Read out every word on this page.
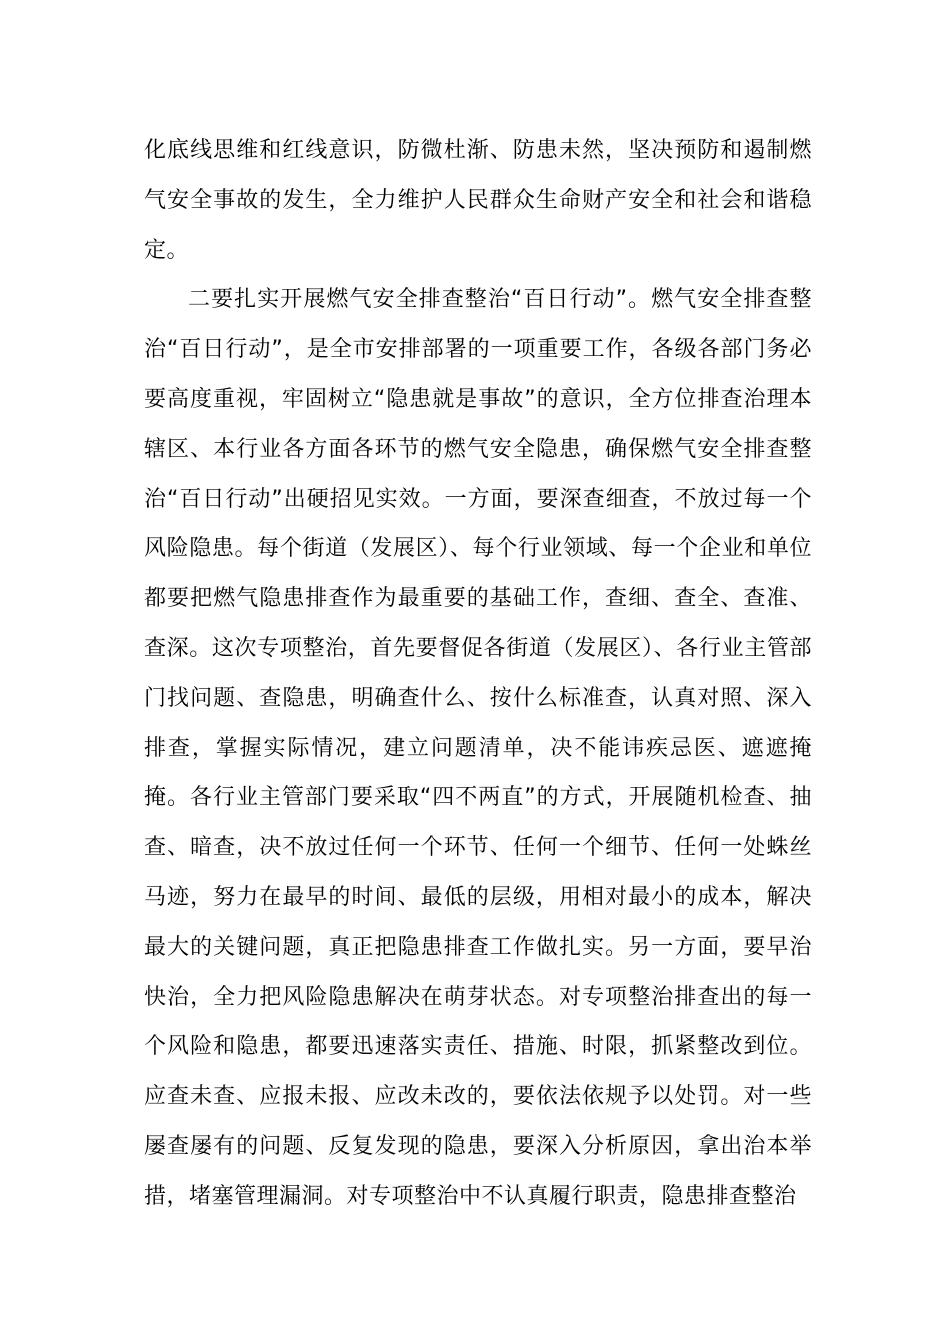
化底线思维和红线意识，防微杜渐、防患未然，坚决预防和遏制燃气安全事故的发生，全力维护人民群众生命财产安全和社会和谐稳定。

二要扎实开展燃气安全排查整治“百日行动”。燃气安全排查整治“百日行动”，是全市安排部署的一项重要工作，各级各部门务必要高度重视，牢固树立“隐患就是事故”的意识，全方位排查治理本辖区、本行业各方面各环节的燃气安全隐患，确保燃气安全排查整治“百日行动”出硬招见实效。一方面，要深查细查，不放过每一个风险隐患。每个街道（发展区）、每个行业领域、每一个企业和单位都要把燃气隐患排查作为最重要的基础工作，查细、查全、查准、查深。这次专项整治，首先要督促各街道（发展区）、各行业主管部门找问题、查隐患，明确查什么、按什么标准查，认真对照、深入排查，掌握实际情况，建立问题清单，决不能讳疾忌医、遮遮掩掩。各行业主管部门要采取“四不两直”的方式，开展随机检查、抽查、暗查，决不放过任何一个环节、任何一个细节、任何一处蛛丝马迹，努力在最早的时间、最低的层级，用相对最小的成本，解决最大的关键问题，真正把隐患排查工作做扎实。另一方面，要早治快治，全力把风险隐患解决在萌芽状态。对专项整治排查出的每一个风险和隐患，都要迅速落实责任、措施、时限，抓紧整改到位。应查未查、应报未报、应改未改的，要依法依规予以处罚。对一些屡查屡有的问题、反复发现的隐患，要深入分析原因，拿出治本举措，堵塞管理漏洞。对专项整治中不认真履行职责，隐患排查整治
